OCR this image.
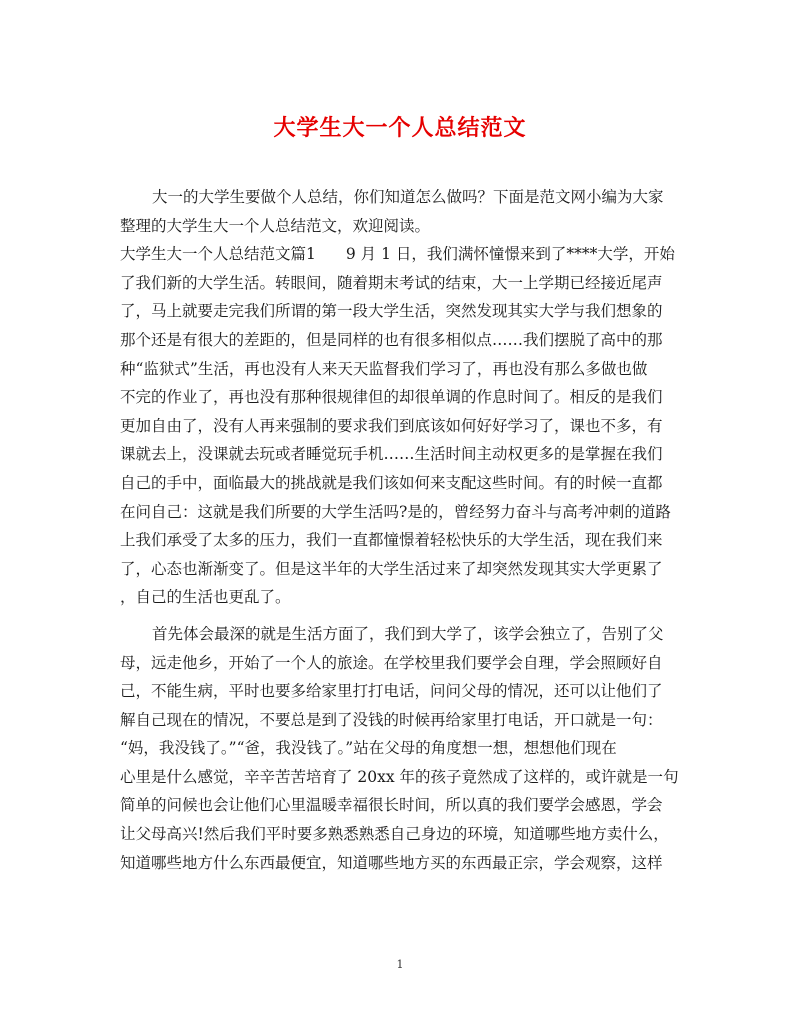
大学生大一个人总结范文
大一的大学生要做个人总结，你们知道怎么做吗？下面是范文网小编为大家
整理的大学生大一个人总结范文，欢迎阅读。
大学生大一个人总结范文篇1 9 月 1 日，我们满怀憧憬来到了****大学，开始
了我们新的大学生活。转眼间，随着期末考试的结束，大一上学期已经接近尾声
了，马上就要走完我们所谓的第一段大学生活，突然发现其实大学与我们想象的
那个还是有很大的差距的，但是同样的也有很多相似点……我们摆脱了高中的那
种“监狱式”生活，再也没有人来天天监督我们学习了，再也没有那么多做也做
不完的作业了，再也没有那种很规律但的却很单调的作息时间了。相反的是我们
更加自由了，没有人再来强制的要求我们到底该如何好好学习了，课也不多，有
课就去上，没课就去玩或者睡觉玩手机……生活时间主动权更多的是掌握在我们
自己的手中，面临最大的挑战就是我们该如何来支配这些时间。有的时候一直都
在问自己：这就是我们所要的大学生活吗?是的，曾经努力奋斗与高考冲刺的道路
上我们承受了太多的压力，我们一直都憧憬着轻松快乐的大学生活，现在我们来
了，心态也渐渐变了。但是这半年的大学生活过来了却突然发现其实大学更累了
，自己的生活也更乱了。
首先体会最深的就是生活方面了，我们到大学了，该学会独立了，告别了父
母，远走他乡，开始了一个人的旅途。在学校里我们要学会自理，学会照顾好自
己，不能生病，平时也要多给家里打打电话，问问父母的情况，还可以让他们了
解自己现在的情况，不要总是到了没钱的时候再给家里打电话，开口就是一句：
“妈，我没钱了。”“爸，我没钱了。”站在父母的角度想一想，想想他们现在
心里是什么感觉，辛辛苦苦培育了 20xx 年的孩子竟然成了这样的，或许就是一句
简单的问候也会让他们心里温暖幸福很长时间，所以真的我们要学会感恩，学会
让父母高兴!然后我们平时要多熟悉熟悉自己身边的环境，知道哪些地方卖什么，
知道哪些地方什么东西最便宜，知道哪些地方买的东西最正宗，学会观察，这样
1
